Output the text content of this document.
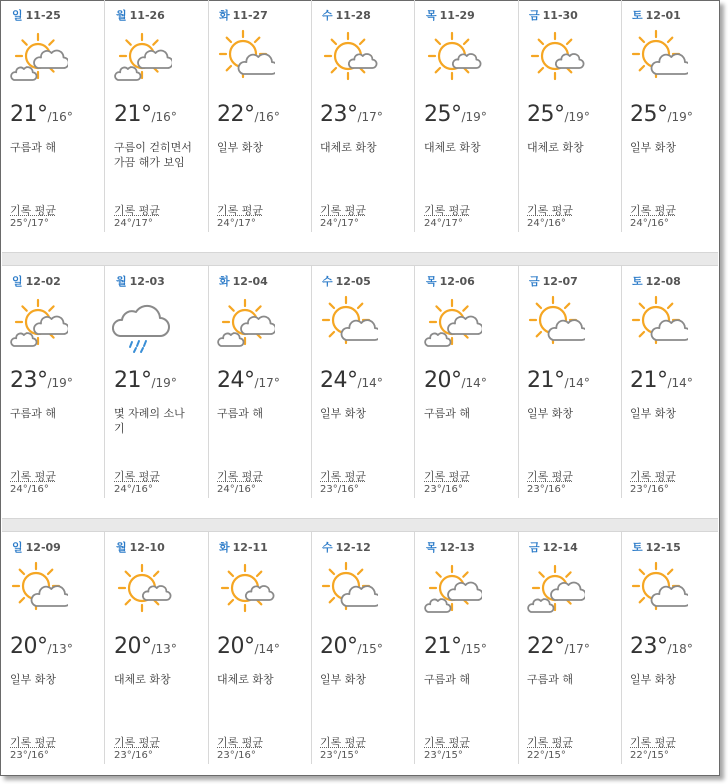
일 11-25
21°/16°
구름과 해
기록 평균
25°/17°
월 11-26
21°/16°
구름이 걷히면서 가끔 해가 보임
기록 평균
24°/17°
화 11-27
22°/16°
일부 화창
기록 평균
24°/17°
수 11-28
23°/17°
대체로 화창
기록 평균
24°/17°
목 11-29
25°/19°
대체로 화창
기록 평균
24°/17°
금 11-30
25°/19°
대체로 화창
기록 평균
24°/16°
토 12-01
25°/19°
일부 화창
기록 평균
24°/16°
일 12-02
23°/19°
구름과 해
기록 평균
24°/16°
월 12-03
21°/19°
몇 자례의 소나기
기록 평균
24°/16°
화 12-04
24°/17°
구름과 해
기록 평균
24°/16°
수 12-05
24°/14°
일부 화창
기록 평균
23°/16°
목 12-06
20°/14°
구름과 해
기록 평균
23°/16°
금 12-07
21°/14°
일부 화창
기록 평균
23°/16°
토 12-08
21°/14°
일부 화창
기록 평균
23°/16°
일 12-09
20°/13°
일부 화창
기록 평균
23°/16°
월 12-10
20°/13°
대체로 화창
기록 평균
23°/16°
화 12-11
20°/14°
대체로 화창
기록 평균
23°/16°
수 12-12
20°/15°
일부 화창
기록 평균
23°/15°
목 12-13
21°/15°
구름과 해
기록 평균
23°/15°
금 12-14
22°/17°
구름과 해
기록 평균
22°/15°
토 12-15
23°/18°
일부 화창
기록 평균
22°/15°
